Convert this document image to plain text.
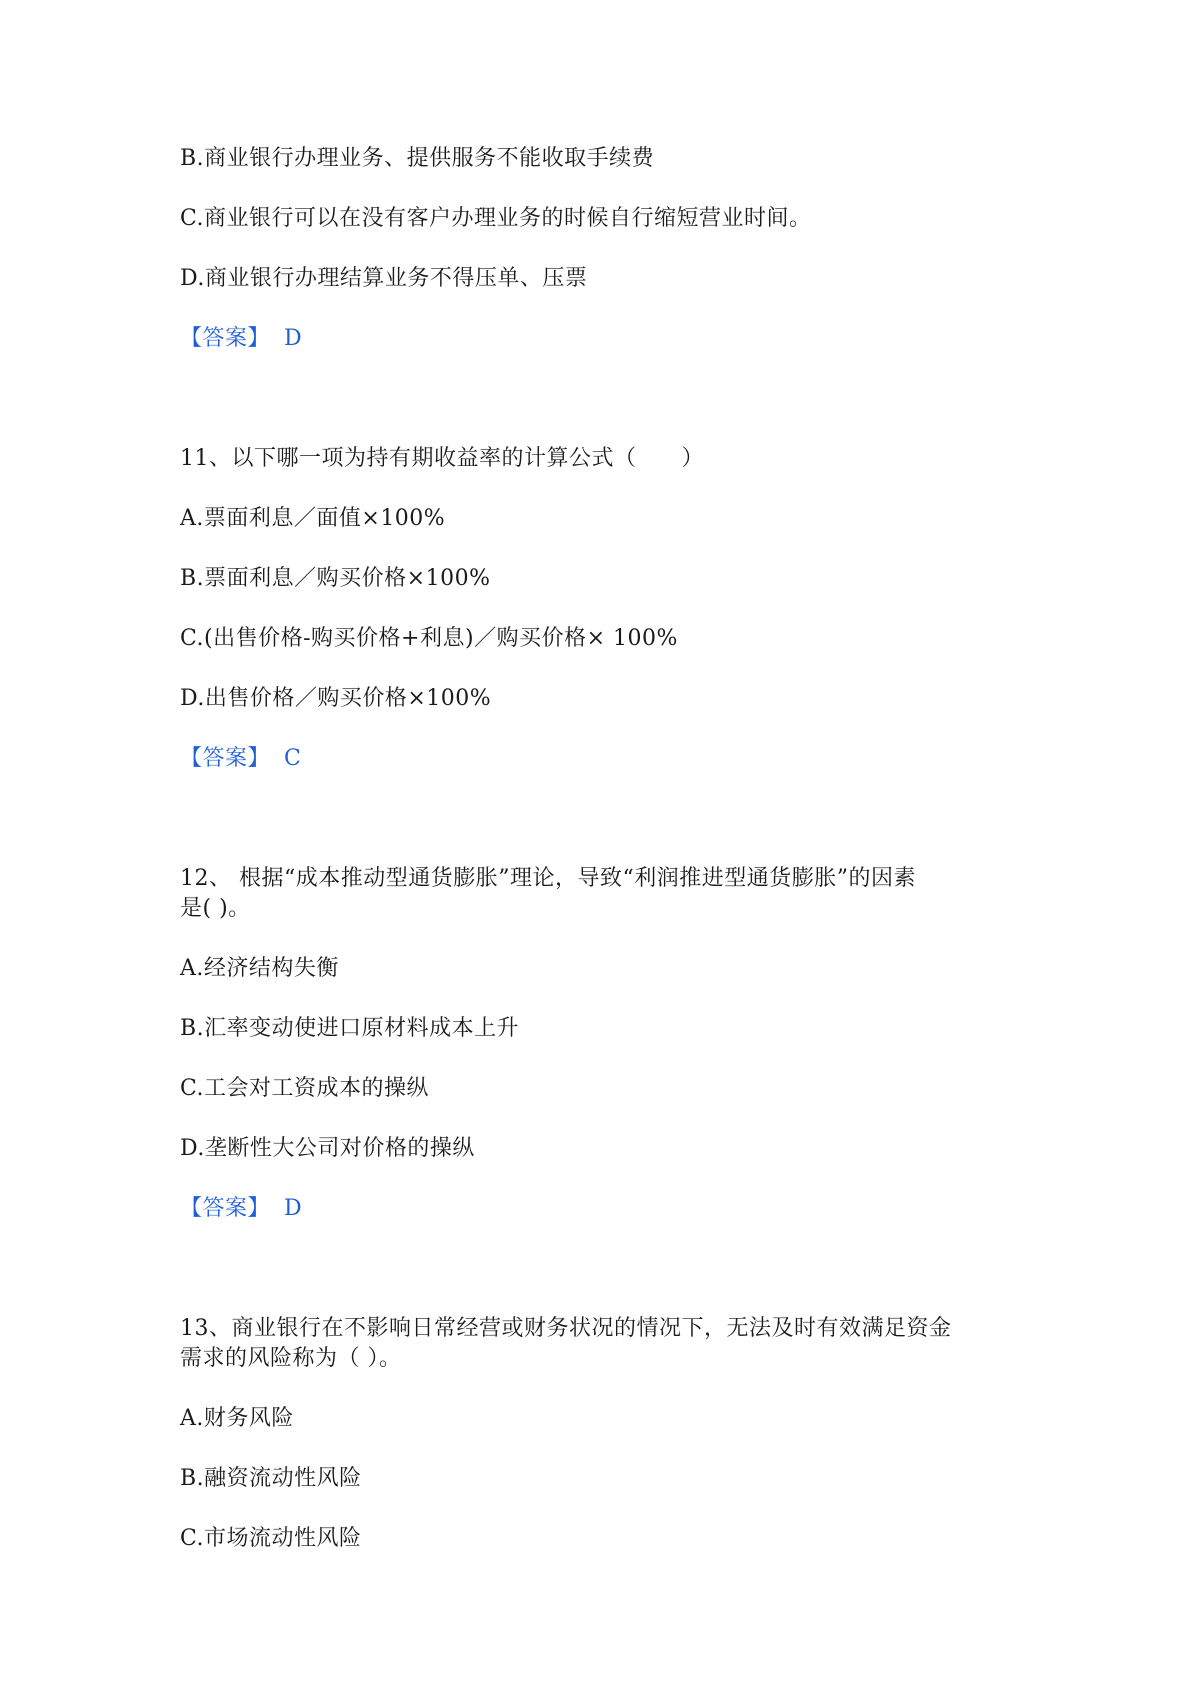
B.商业银行办理业务、提供服务不能收取手续费
C.商业银行可以在没有客户办理业务的时候自行缩短营业时间。
D.商业银行办理结算业务不得压单、压票
【答案】 D
11、以下哪一项为持有期收益率的计算公式（　　）
A.票面利息／面值×100%
B.票面利息／购买价格×100%
C.(出售价格-购买价格+利息)／购买价格× 100%
D.出售价格／购买价格×100%
【答案】 C
12、 根据“成本推动型通货膨胀”理论，导致“利润推进型通货膨胀”的因素
是( )。
A.经济结构失衡
B.汇率变动使进口原材料成本上升
C.工会对工资成本的操纵
D.垄断性大公司对价格的操纵
【答案】 D
13、商业银行在不影响日常经营或财务状况的情况下，无法及时有效满足资金
需求的风险称为（ ）。
A.财务风险
B.融资流动性风险
C.市场流动性风险
